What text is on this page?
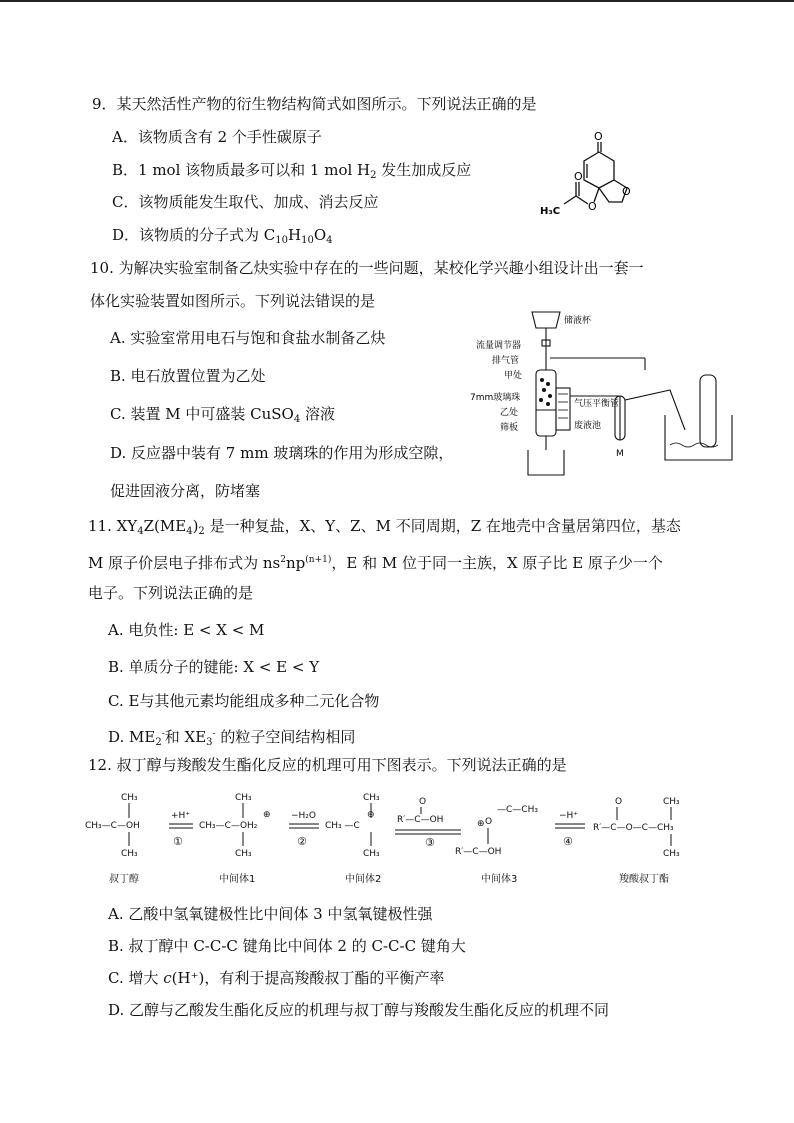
9．某天然活性产物的衍生物结构简式如图所示。下列说法正确的是
A．该物质含有 2 个手性碳原子
B．1 mol 该物质最多可以和 1 mol $H_2$ 发生加成反应
C．该物质能发生取代、加成、消去反应
D．该物质的分子式为 $C_{10}H_{10}O_4$
O
O
O
O
H₃C
10. 为解决实验室制备乙炔实验中存在的一些问题，某校化学兴趣小组设计出一套一
体化实验装置如图所示。下列说法错误的是
A. 实验室常用电石与饱和食盐水制备乙炔
B. 电石放置位置为乙处
C. 装置 M 中可盛装 CuSO$_4$ 溶液
D. 反应器中装有 7 mm 玻璃珠的作用为形成空隙，
促进固液分离，防堵塞
储液杯
流量调节器
排气管
甲处
7mm玻璃珠
乙处
筛板
气压平衡管
废液池
M
11. $XY_4Z(ME_4)_2$ 是一种复盐，X、Y、Z、M 不同周期，Z 在地壳中含量居第四位，基态
M 原子价层电子排布式为 $ns^2np^{(n+1)}$，E 和 M 位于同一主族，X 原子比 E 原子少一个
电子。下列说法正确的是
A. 电负性: E < X < M
B. 单质分子的键能: X < E < Y
C. E与其他元素均能组成多种二元化合物
D. $ME_2^-$和 $XE_3^-$ 的粒子空间结构相同
12. 叔丁醇与羧酸发生酯化反应的机理可用下图表示。下列说法正确的是
CH₃
CH₃—C—OH
CH₃
+H⁺
①
CH₃
CH₃—C—OH₂
⊕
CH₃
−H₂O
②
CH₃
CH₃ —C
⊕
CH₃
O
R′—C—OH
③
⊕ O
—C—CH₃
R′—C—OH
−H⁺
④
O
R′—C—O—C—CH₃
CH₃
CH₃
叔丁醇	中间体1	中间体2	中间体3	羧酸叔丁酯
A. 乙酸中氢氧键极性比中间体 3 中氢氧键极性强
B. 叔丁醇中 C-C-C 键角比中间体 2 的 C-C-C 键角大
C. 增大 c(H⁺)，有利于提高羧酸叔丁酯的平衡产率
D. 乙醇与乙酸发生酯化反应的机理与叔丁醇与羧酸发生酯化反应的机理不同
